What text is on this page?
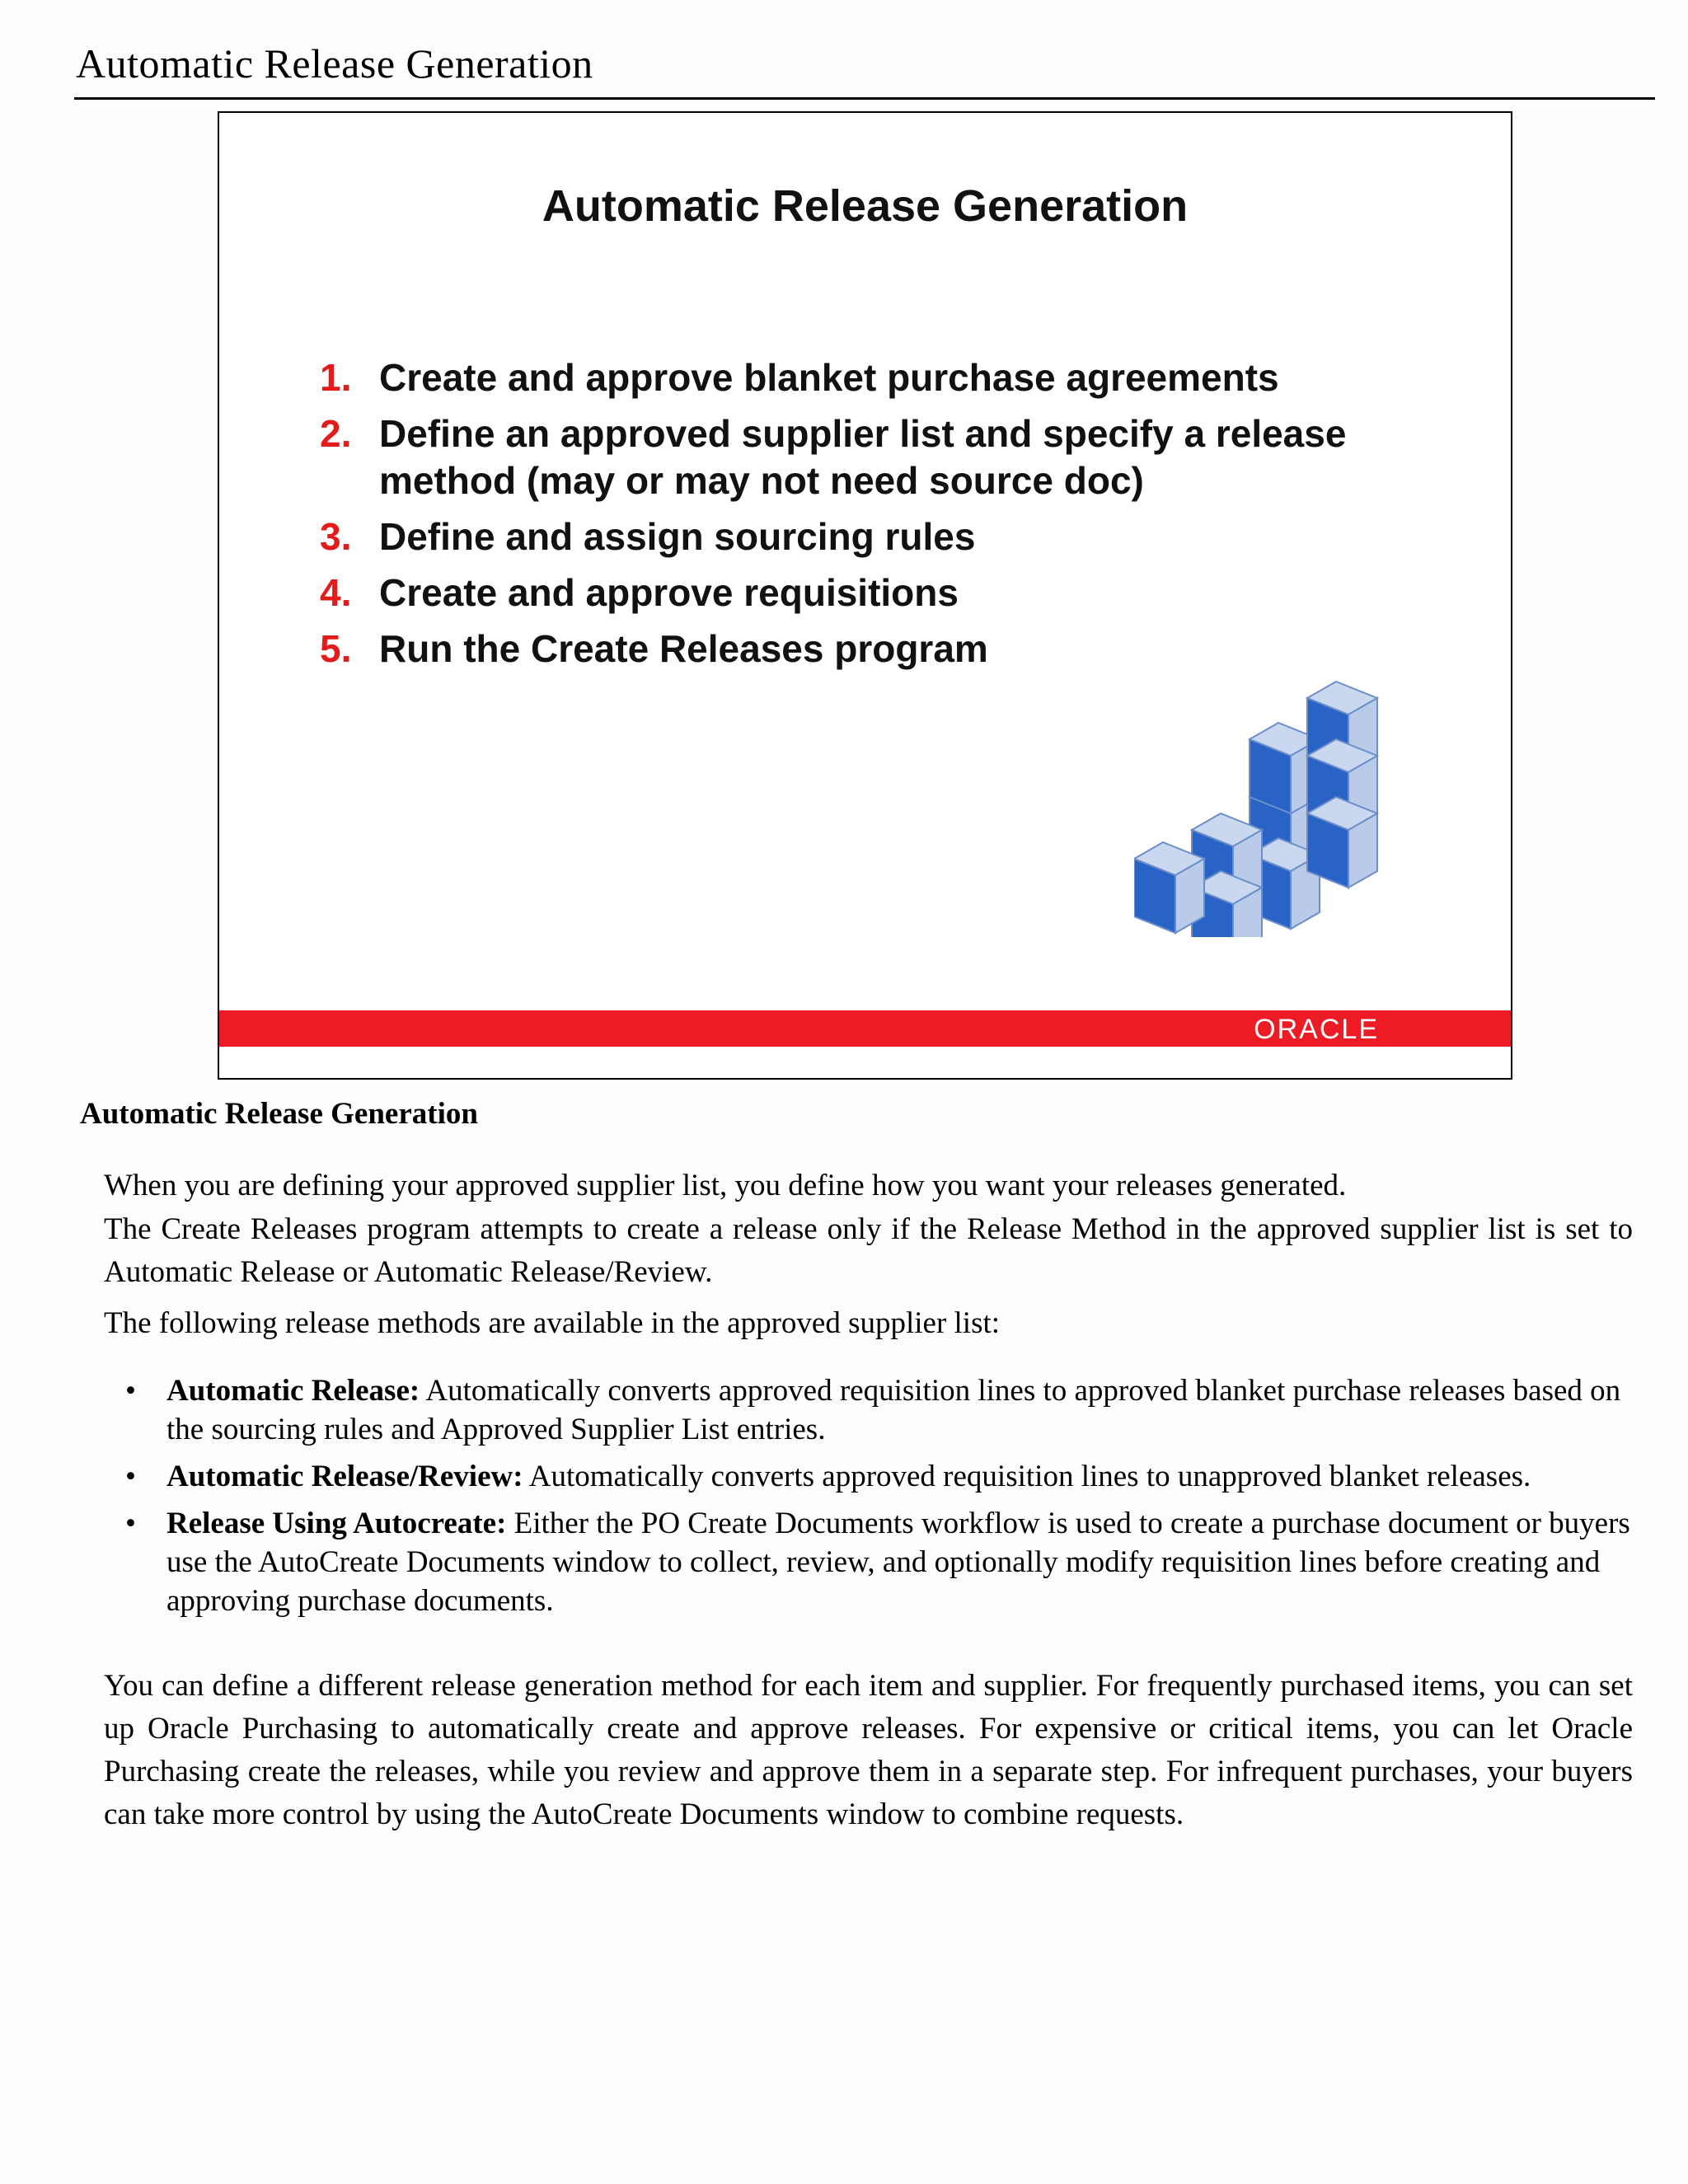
Automatic Release Generation
Automatic Release Generation
1. Create and approve blanket purchase agreements
2. Define an approved supplier list and specify a release method (may or may not need source doc)
3. Define and assign sourcing rules
4. Create and approve requisitions
5. Run the Create Releases program
ORACLE
Automatic Release Generation

When you are defining your approved supplier list, you define how you want your releases generated.

The Create Releases program attempts to create a release only if the Release Method in the approved supplier list is set to Automatic Release or Automatic Release/Review.

The following release methods are available in the approved supplier list:

• Automatic Release: Automatically converts approved requisition lines to approved blanket purchase releases based on the sourcing rules and Approved Supplier List entries.
• Automatic Release/Review: Automatically converts approved requisition lines to unapproved blanket releases.
• Release Using Autocreate: Either the PO Create Documents workflow is used to create a purchase document or buyers use the AutoCreate Documents window to collect, review, and optionally modify requisition lines before creating and approving purchase documents.

You can define a different release generation method for each item and supplier. For frequently purchased items, you can set up Oracle Purchasing to automatically create and approve releases. For expensive or critical items, you can let Oracle Purchasing create the releases, while you review and approve them in a separate step. For infrequent purchases, your buyers can take more control by using the AutoCreate Documents window to combine requests.
